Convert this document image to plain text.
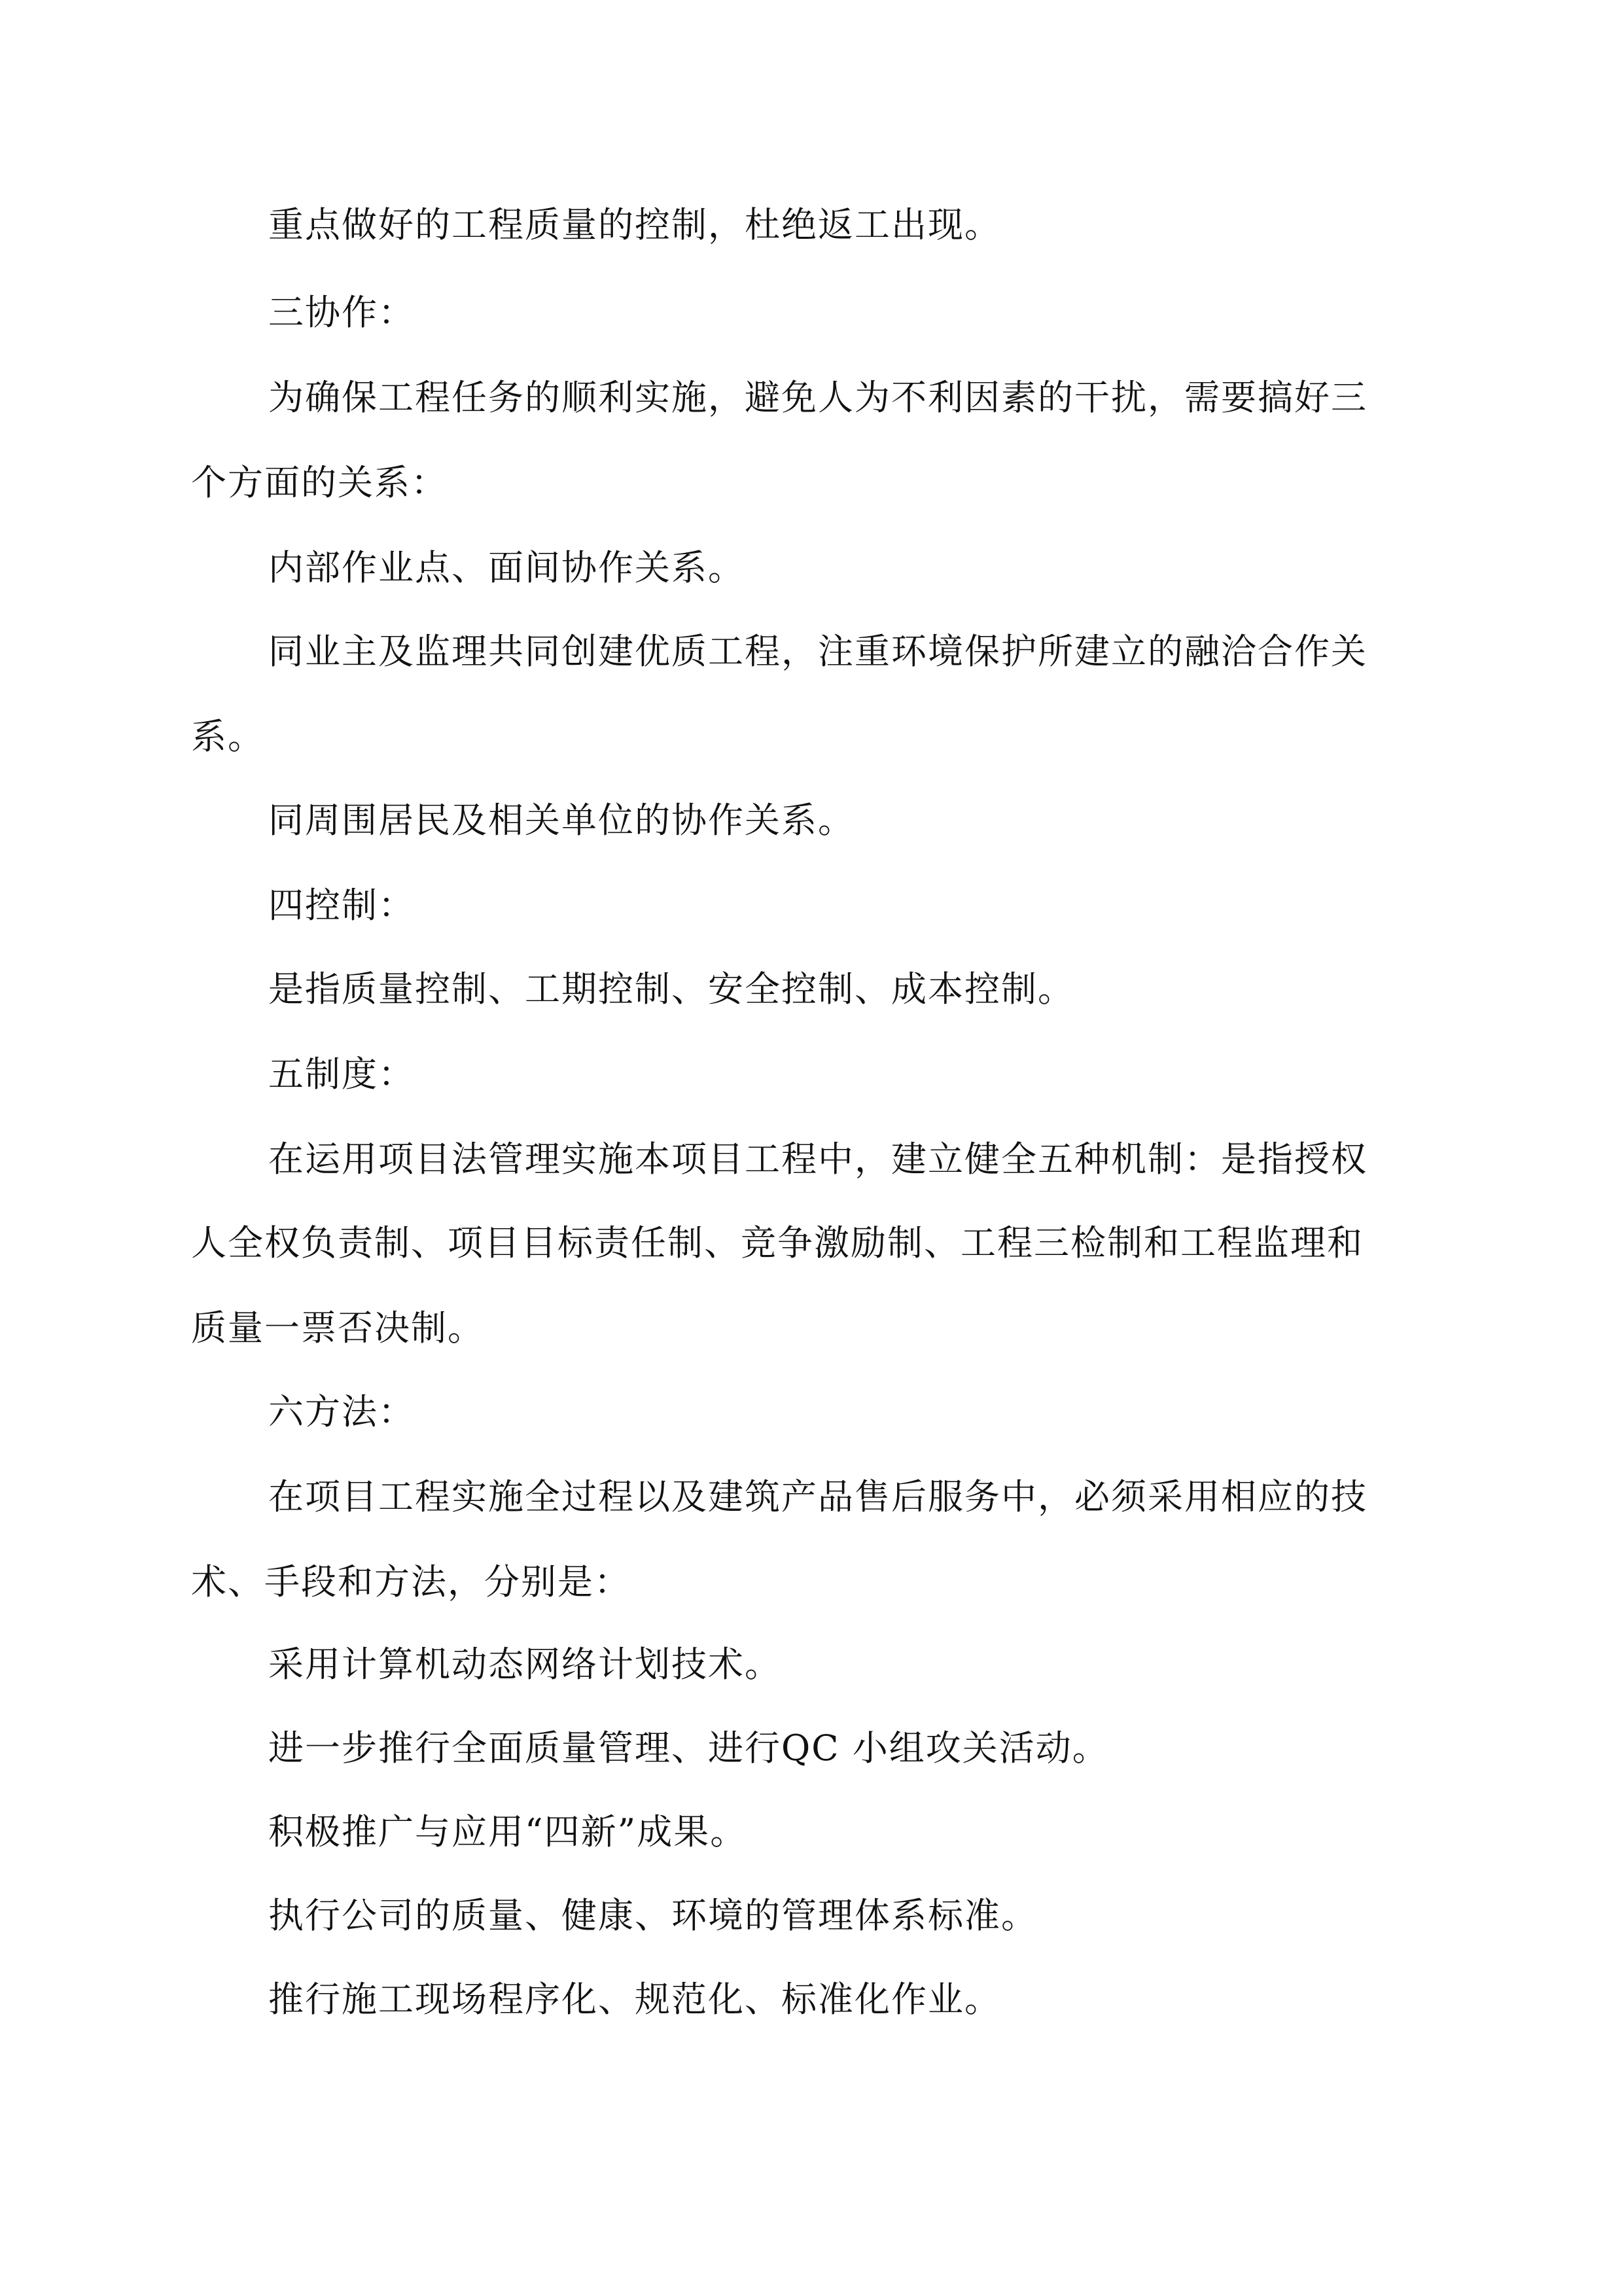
重点做好的工程质量的控制，杜绝返工出现。

三协作：

为确保工程任务的顺利实施，避免人为不利因素的干扰，需要搞好三

个方面的关系：

内部作业点、面间协作关系。

同业主及监理共同创建优质工程，注重环境保护所建立的融洽合作关

系。

同周围居民及相关单位的协作关系。

四控制：

是指质量控制、工期控制、安全控制、成本控制。

五制度：

在运用项目法管理实施本项目工程中，建立健全五种机制：是指授权

人全权负责制、项目目标责任制、竞争激励制、工程三检制和工程监理和

质量一票否决制。

六方法：

在项目工程实施全过程以及建筑产品售后服务中，必须采用相应的技

术、手段和方法，分别是：

采用计算机动态网络计划技术。

进一步推行全面质量管理、进行QC 小组攻关活动。

积极推广与应用“四新”成果。

执行公司的质量、健康、环境的管理体系标准。

推行施工现场程序化、规范化、标准化作业。
